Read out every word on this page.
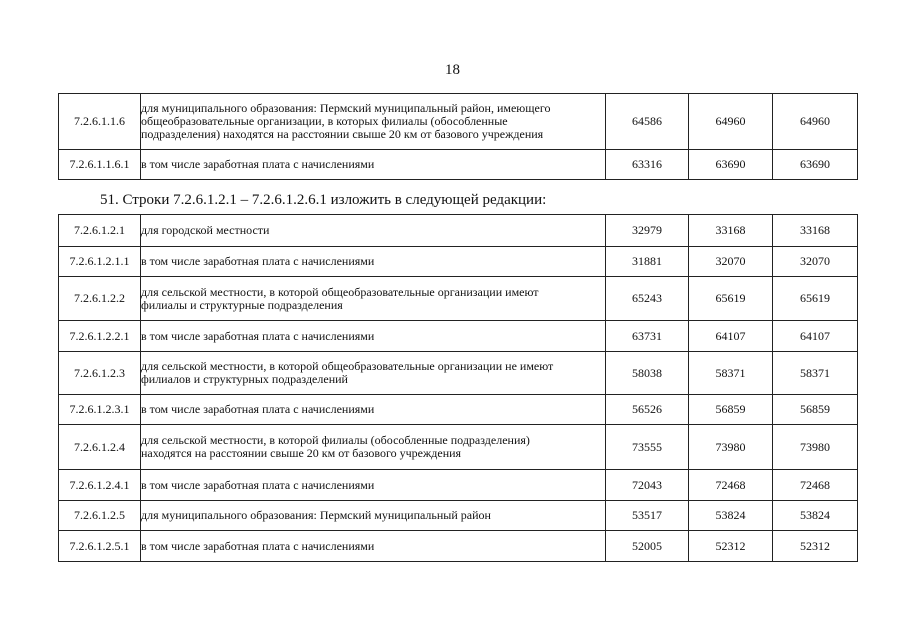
18
7.2.6.1.1.6	для муниципального образования: Пермский муниципальный район, имеющего
общеобразовательные организации, в которых филиалы (обособленные
подразделения) находятся на расстоянии свыше 20 км от базового учреждения	64586	64960	64960
7.2.6.1.1.6.1	в том числе заработная плата с начислениями	63316	63690	63690
51. Строки 7.2.6.1.2.1 – 7.2.6.1.2.6.1 изложить в следующей редакции:
7.2.6.1.2.1	для городской местности	32979	33168	33168
7.2.6.1.2.1.1	в том числе заработная плата с начислениями	31881	32070	32070
7.2.6.1.2.2	для сельской местности, в которой общеобразовательные организации имеют
филиалы и структурные подразделения	65243	65619	65619
7.2.6.1.2.2.1	в том числе заработная плата с начислениями	63731	64107	64107
7.2.6.1.2.3	для сельской местности, в которой общеобразовательные организации не имеют
филиалов и структурных подразделений	58038	58371	58371
7.2.6.1.2.3.1	в том числе заработная плата с начислениями	56526	56859	56859
7.2.6.1.2.4	для сельской местности, в которой филиалы (обособленные подразделения)
находятся на расстоянии свыше 20 км от базового учреждения	73555	73980	73980
7.2.6.1.2.4.1	в том числе заработная плата с начислениями	72043	72468	72468
7.2.6.1.2.5	для муниципального образования: Пермский муниципальный район	53517	53824	53824
7.2.6.1.2.5.1	в том числе заработная плата с начислениями	52005	52312	52312
